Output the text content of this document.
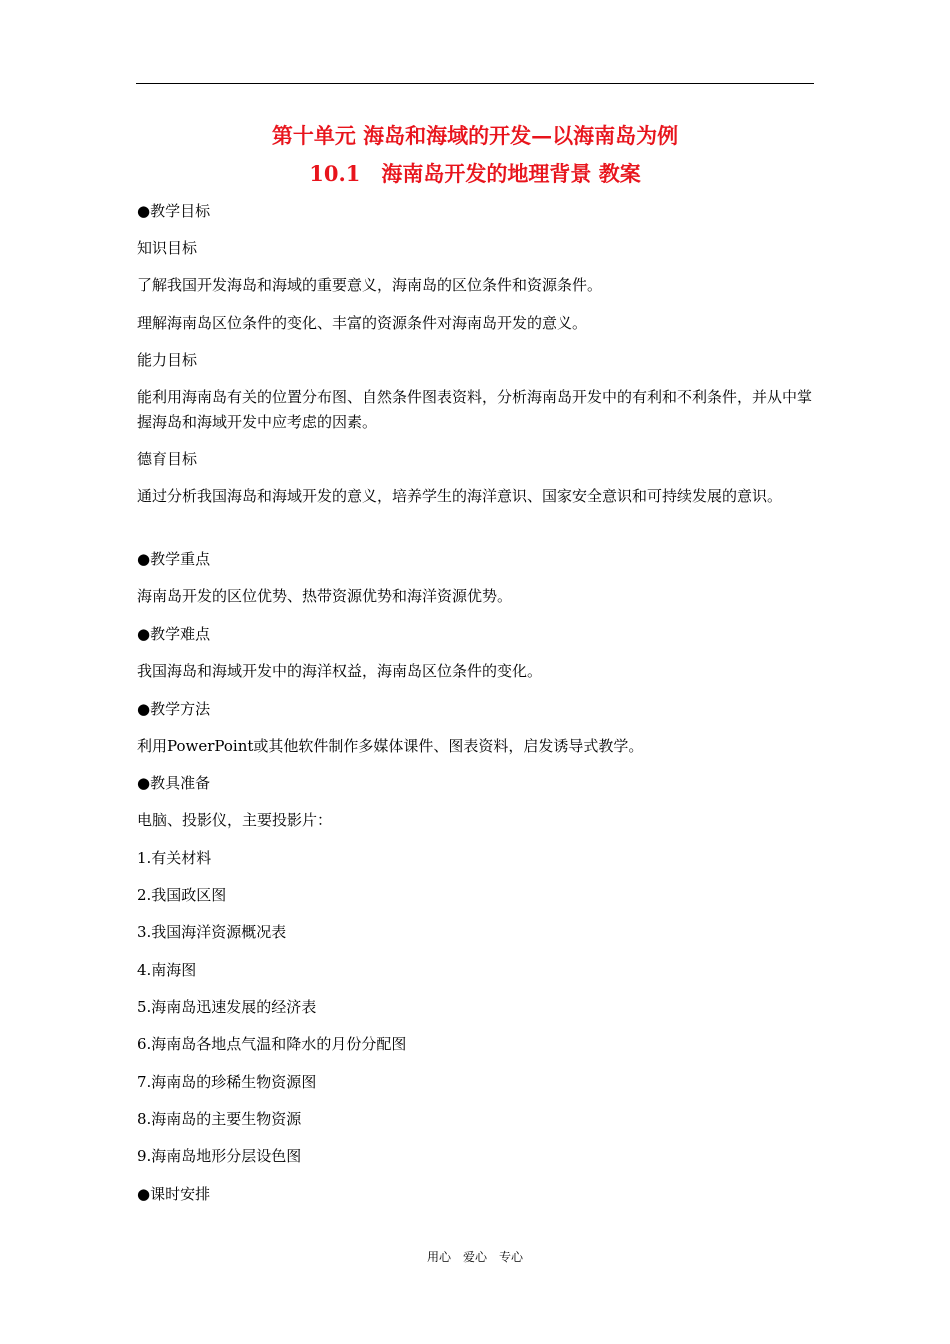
第十单元 海岛和海域的开发—以海南岛为例
10.1　海南岛开发的地理背景 教案
●教学目标
知识目标
了解我国开发海岛和海域的重要意义，海南岛的区位条件和资源条件。
理解海南岛区位条件的变化、丰富的资源条件对海南岛开发的意义。
能力目标
能利用海南岛有关的位置分布图、自然条件图表资料，分析海南岛开发中的有利和不利条件，并从中掌握海岛和海域开发中应考虑的因素。
德育目标
通过分析我国海岛和海域开发的意义，培养学生的海洋意识、国家安全意识和可持续发展的意识。
●教学重点
海南岛开发的区位优势、热带资源优势和海洋资源优势。
●教学难点
我国海岛和海域开发中的海洋权益，海南岛区位条件的变化。
●教学方法
利用PowerPoint或其他软件制作多媒体课件、图表资料，启发诱导式教学。
●教具准备
电脑、投影仪，主要投影片：
1.有关材料
2.我国政区图
3.我国海洋资源概况表
4.南海图
5.海南岛迅速发展的经济表
6.海南岛各地点气温和降水的月份分配图
7.海南岛的珍稀生物资源图
8.海南岛的主要生物资源
9.海南岛地形分层设色图
●课时安排
用心　爱心　专心
